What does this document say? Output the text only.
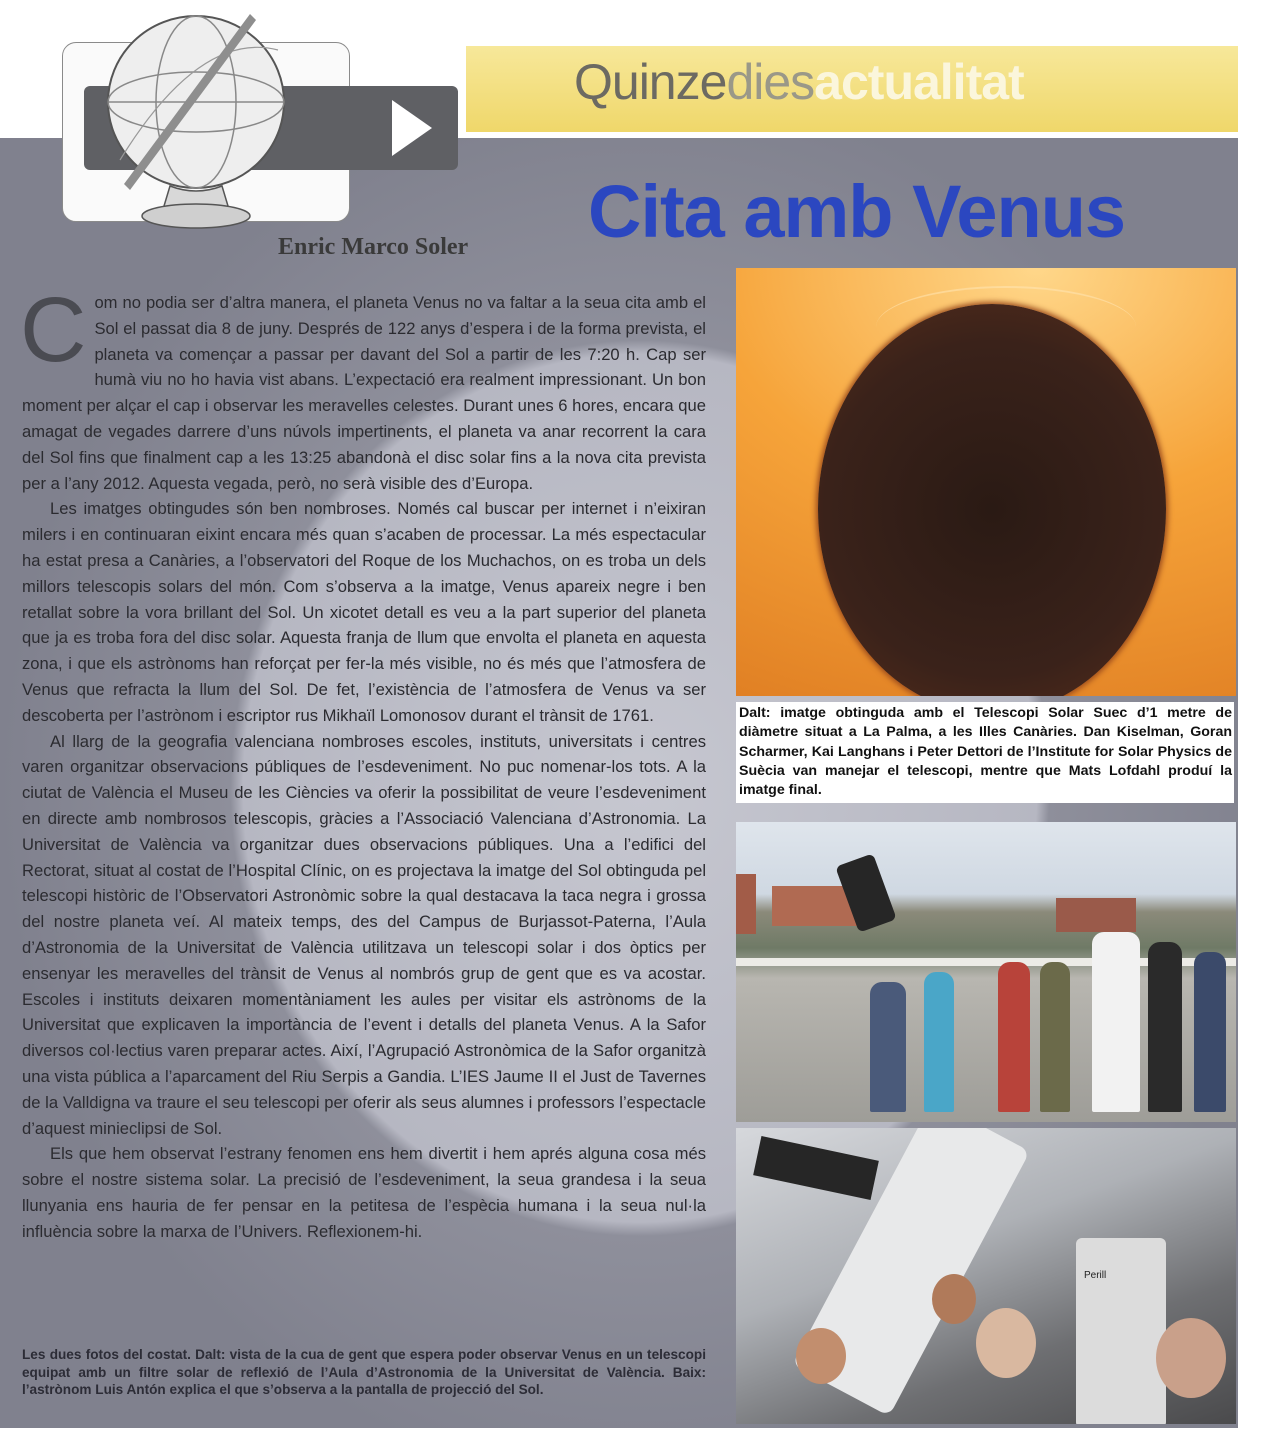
Quinzediesactualitat
Cita amb Venus
Enric Marco Soler

Com no podia ser d’altra manera, el planeta Venus no va faltar a la seua cita amb el Sol el passat dia 8 de juny. Després de 122 anys d’espera i de la forma prevista, el planeta va començar a passar per davant del Sol a partir de les 7:20 h. Cap ser humà viu no ho havia vist abans. L’expectació era realment impressionant. Un bon moment per alçar el cap i observar les meravelles celestes. Durant unes 6 hores, encara que amagat de vegades darrere d’uns núvols impertinents, el planeta va anar recorrent la cara del Sol fins que finalment cap a les 13:25 abandonà el disc solar fins a la nova cita prevista per a l’any 2012. Aquesta vegada, però, no serà visible des d’Europa.

Les imatges obtingudes són ben nombroses. Només cal buscar per internet i n’eixiran milers i en continuaran eixint encara més quan s’acaben de processar. La més espectacular ha estat presa a Canàries, a l’observatori del Roque de los Muchachos, on es troba un dels millors telescopis solars del món. Com s’observa a la imatge, Venus apareix negre i ben retallat sobre la vora brillant del Sol. Un xicotet detall es veu a la part superior del planeta que ja es troba fora del disc solar. Aquesta franja de llum que envolta el planeta en aquesta zona, i que els astrònoms han reforçat per fer-la més visible, no és més que l’atmosfera de Venus que refracta la llum del Sol. De fet, l’existència de l’atmosfera de Venus va ser descoberta per l’astrònom i escriptor rus Mikhaïl Lomonosov durant el trànsit de 1761.

Al llarg de la geografia valenciana nombroses escoles, instituts, universitats i centres varen organitzar observacions públiques de l’esdeveniment. No puc nomenar-los tots. A la ciutat de València el Museu de les Ciències va oferir la possibilitat de veure l’esdeveniment en directe amb nombrosos telescopis, gràcies a l’Associació Valenciana d’Astronomia. La Universitat de València va organitzar dues observacions públiques. Una a l’edifici del Rectorat, situat al costat de l’Hospital Clínic, on es projectava la imatge del Sol obtinguda pel telescopi històric de l’Observatori Astronòmic sobre la qual destacava la taca negra i grossa del nostre planeta veí. Al mateix temps, des del Campus de Burjassot-Paterna, l’Aula d’Astronomia de la Universitat de València utilitzava un telescopi solar i dos òptics per ensenyar les meravelles del trànsit de Venus al nombrós grup de gent que es va acostar. Escoles i instituts deixaren momentàniament les aules per visitar els astrònoms de la Universitat que explicaven la importància de l’event i detalls del planeta Venus. A la Safor diversos col·lectius varen preparar actes. Així, l’Agrupació Astronòmica de la Safor organitzà una vista pública a l’aparcament del Riu Serpis a Gandia. L’IES Jaume II el Just de Tavernes de la Valldigna va traure el seu telescopi per oferir als seus alumnes i professors l’espectacle d’aquest minieclipsi de Sol.

Els que hem observat l’estrany fenomen ens hem divertit i hem aprés alguna cosa més sobre el nostre sistema solar. La precisió de l’esdeveniment, la seua grandesa i la seua llunyania ens hauria de fer pensar en la petitesa de l’espècia humana i la seua nul·la influència sobre la marxa de l’Univers. Reflexionem-hi.

Les dues fotos del costat. Dalt: vista de la cua de gent que espera poder observar Venus en un telescopi equipat amb un filtre solar de reflexió de l’Aula d’Astronomia de la Universitat de València. Baix: l’astrònom Luis Antón explica el que s’observa a la pantalla de projecció del Sol.
Dalt: imatge obtinguda amb el Telescopi Solar Suec d’1 metre de diàmetre situat a La Palma, a les Illes Canàries. Dan Kiselman, Goran Scharmer, Kai Langhans i Peter Dettori de l’Institute for Solar Physics de Suècia van manejar el telescopi, mentre que Mats Lofdahl produí la imatge final.
Perill
